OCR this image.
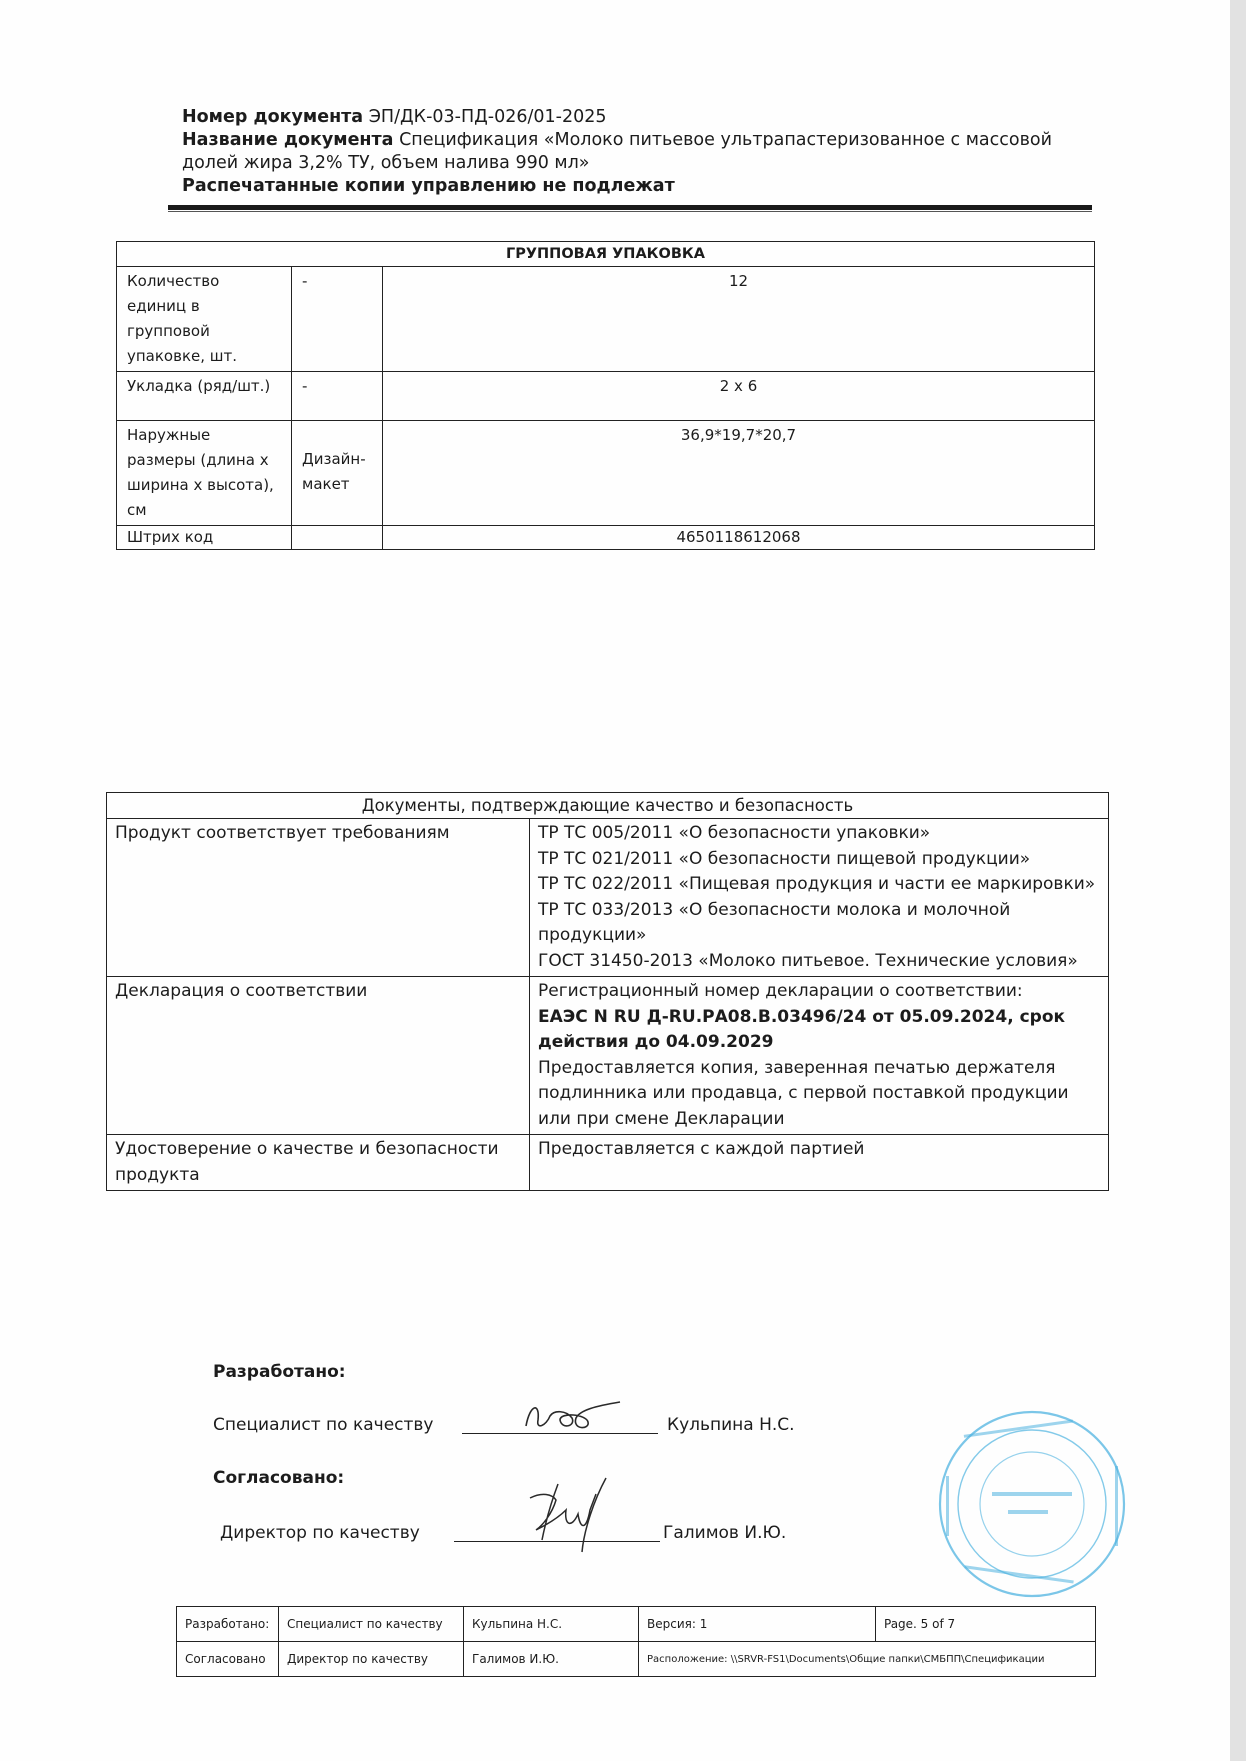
Номер документа ЭП/ДК-03-ПД-026/01-2025
Название документа Спецификация «Молоко питьевое ультрапастеризованное с массовой
долей жира 3,2% ТУ, объем налива 990 мл»
Распечатанные копии управлению не подлежат
ГРУППОВАЯ УПАКОВКА		
Количество единиц в групповой упаковке, шт.	-	12
Укладка (ряд/шт.)	-	2 х 6
Наружные размеры (длина х ширина х высота), см	Дизайн-макет	36,9*19,7*20,7
Штрих код		4650118612068
Документы, подтверждающие качество и безопасность	
Продукт соответствует требованиям	ТР ТС 005/2011 «О безопасности упаковки»
ТР ТС 021/2011 «О безопасности пищевой продукции»
ТР ТС 022/2011 «Пищевая продукция и части ее маркировки»
ТР ТС 033/2013 «О безопасности молока и молочной продукции»
ГОСТ 31450-2013 «Молоко питьевое. Технические условия»

Декларация о соответствии	Регистрационный номер декларации о соответствии:
ЕАЭС N RU Д-RU.РА08.В.03496/24 от 05.09.2024, срок действия до 04.09.2029
Предоставляется копия, заверенная печатью держателя подлинника или продавца, с первой поставкой продукции или при смене Декларации

Удостоверение о качестве и безопасности продукта	Предоставляется с каждой партией
Разработано:
Специалист по качеству	Кульпина Н.С.
Согласовано:
Директор по качеству	Галимов И.Ю.
Разработано:	Специалист по качеству	Кульпина Н.С.	Версия: 1	Page. 5 of 7
Согласовано	Директор по качеству	Галимов И.Ю.	Расположение: \\SRVR-FS1\Documents\Общие папки\СМБПП\Спецификации	
